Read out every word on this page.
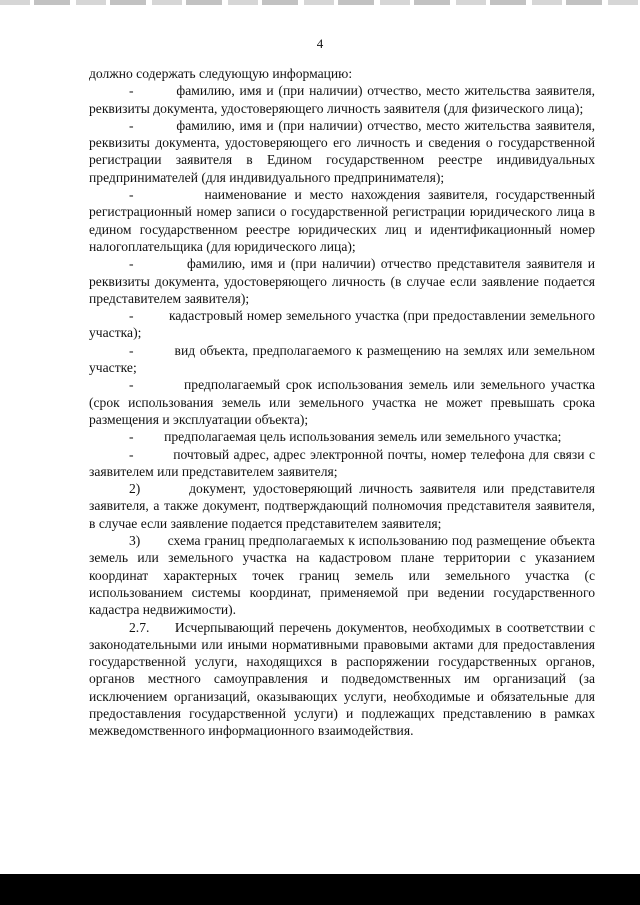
4

должно содержать следующую информацию:

-         фамилию, имя и (при наличии) отчество, место жительства заявителя, реквизиты документа, удостоверяющего личность заявителя (для физического лица);

-         фамилию, имя и (при наличии) отчество, место жительства заявителя, реквизиты документа, удостоверяющего его личность и сведения о государственной регистрации заявителя в Едином государственном реестре индивидуальных предпринимателей (для индивидуального предпринимателя);

-         наименование и место нахождения заявителя, государственный регистрационный номер записи о государственной регистрации юридического лица в едином государственном реестре юридических лиц и идентификационный номер налогоплательщика (для юридического лица);

-          фамилию, имя и (при наличии) отчество представителя заявителя и реквизиты документа, удостоверяющего личность (в случае если заявление подается представителем заявителя);

-         кадастровый номер земельного участка (при предоставлении земельного участка);

-         вид объекта, предполагаемого к размещению на землях или земельном участке;

-         предполагаемый срок использования земель или земельного участка (срок использования земель или земельного участка не может превышать срока размещения и эксплуатации объекта);

-         предполагаемая цель использования земель или земельного участка;

-         почтовый адрес, адрес электронной почты, номер телефона для связи с заявителем или представителем заявителя;

2)       документ, удостоверяющий личность заявителя или представителя заявителя, а также документ, подтверждающий полномочия представителя заявителя, в случае если заявление подается представителем заявителя;

3)       схема границ предполагаемых к использованию под размещение объекта земель или земельного участка на кадастровом плане территории с указанием координат характерных точек границ земель или земельного участка (с использованием системы координат, применяемой при ведении государственного кадастра недвижимости).

2.7.     Исчерпывающий перечень документов, необходимых в соответствии с законодательными или иными нормативными правовыми актами для предоставления государственной услуги, находящихся в распоряжении государственных органов, органов местного самоуправления и подведомственных им организаций (за исключением организаций, оказывающих услуги, необходимые и обязательные для предоставления государственной услуги) и подлежащих представлению в рамках межведомственного информационного взаимодействия.
